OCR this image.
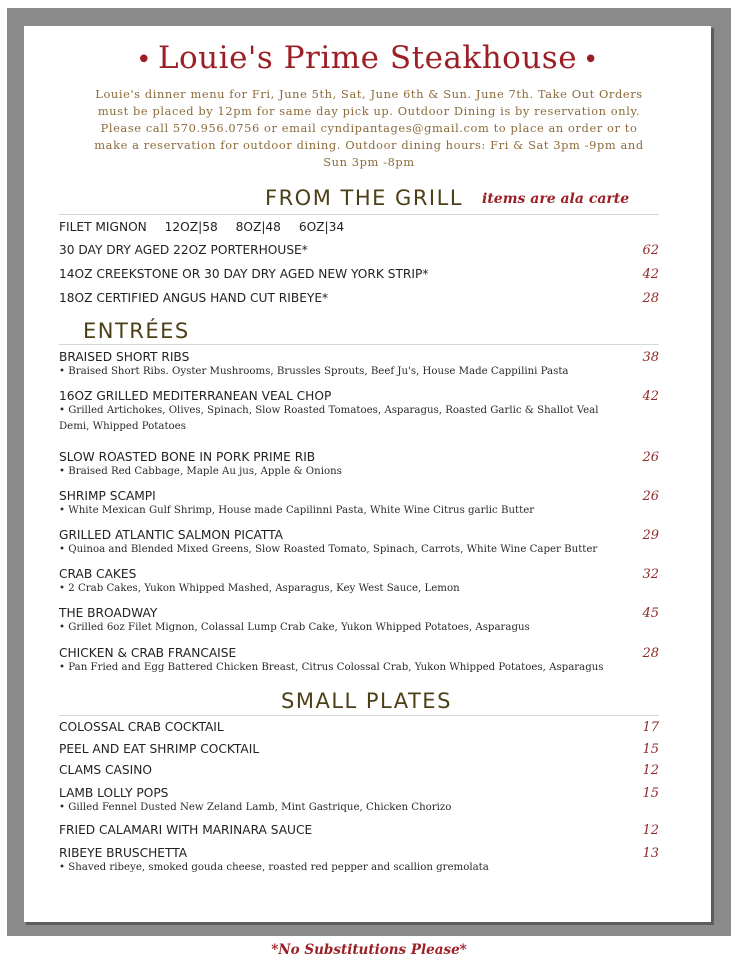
• Louie's Prime Steakhouse •
Louie's dinner menu for Fri, June 5th, Sat, June 6th & Sun. June 7th. Take Out Orders must be placed by 12pm for same day pick up. Outdoor Dining is by reservation only. Please call 570.956.0756 or email cyndipantages@gmail.com to place an order or to make a reservation for outdoor dining. Outdoor dining hours: Fri & Sat 3pm -9pm and Sun 3pm -8pm
FROM THE GRILL items are ala carte
FILET MIGNON 12OZ|58 8OZ|48 6OZ|34
30 DAY DRY AGED 22OZ PORTERHOUSE*	62
14OZ CREEKSTONE OR 30 DAY DRY AGED NEW YORK STRIP*	42
18OZ CERTIFIED ANGUS HAND CUT RIBEYE*	28
ENTRÉES
BRAISED SHORT RIBS	38
• Braised Short Ribs. Oyster Mushrooms, Brussles Sprouts, Beef Ju's, House Made Cappilini Pasta
16OZ GRILLED MEDITERRANEAN VEAL CHOP	42
• Grilled Artichokes, Olives, Spinach, Slow Roasted Tomatoes, Asparagus, Roasted Garlic & Shallot Veal Demi, Whipped Potatoes
SLOW ROASTED BONE IN PORK PRIME RIB	26
• Braised Red Cabbage, Maple Au jus, Apple & Onions
SHRIMP SCAMPI	26
• White Mexican Gulf Shrimp, House made Capilinni Pasta, White Wine Citrus garlic Butter
GRILLED ATLANTIC SALMON PICATTA	29
• Quinoa and Blended Mixed Greens, Slow Roasted Tomato, Spinach, Carrots, White Wine Caper Butter
CRAB CAKES	32
• 2 Crab Cakes, Yukon Whipped Mashed, Asparagus, Key West Sauce, Lemon
THE BROADWAY	45
• Grilled 6oz Filet Mignon, Colassal Lump Crab Cake, Yukon Whipped Potatoes, Asparagus
CHICKEN & CRAB FRANCAISE	28
• Pan Fried and Egg Battered Chicken Breast, Citrus Colossal Crab, Yukon Whipped Potatoes, Asparagus
SMALL PLATES
COLOSSAL CRAB COCKTAIL	17
PEEL AND EAT SHRIMP COCKTAIL	15
CLAMS CASINO	12
LAMB LOLLY POPS	15
• Gilled Fennel Dusted New Zeland Lamb, Mint Gastrique, Chicken Chorizo
FRIED CALAMARI WITH MARINARA SAUCE	12
RIBEYE BRUSCHETTA	13
• Shaved ribeye, smoked gouda cheese, roasted red pepper and scallion gremolata
*No Substitutions Please*
